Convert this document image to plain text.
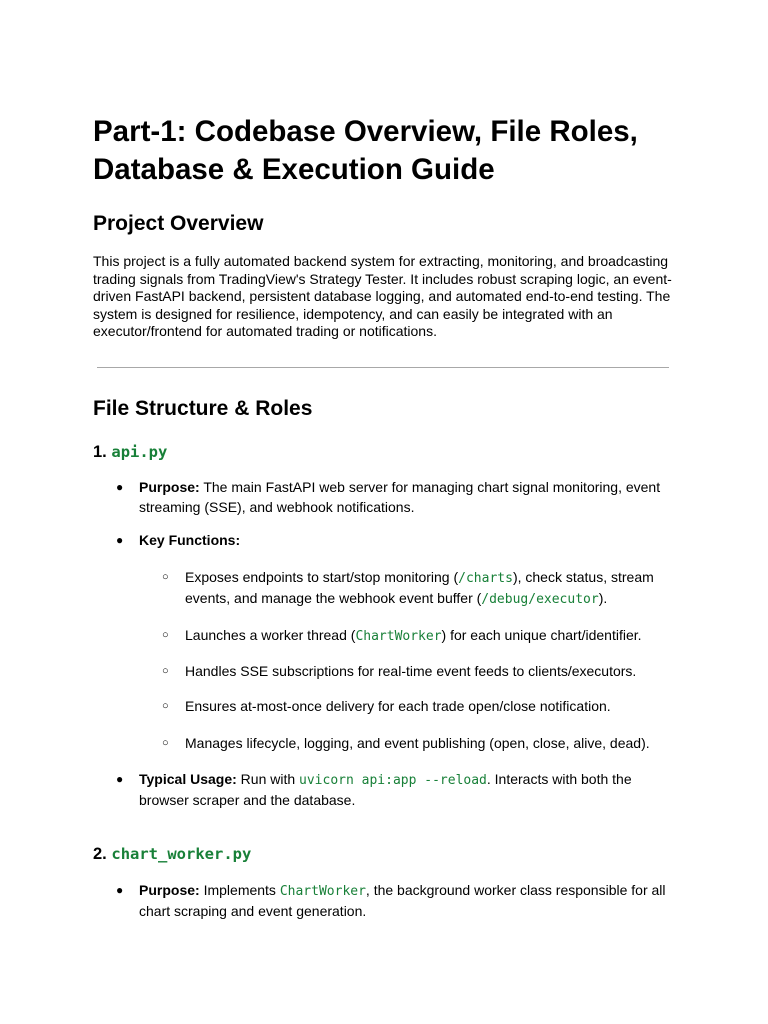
Part-1: Codebase Overview, File Roles, Database & Execution Guide
Project Overview

This project is a fully automated backend system for extracting, monitoring, and broadcasting trading signals from TradingView's Strategy Tester. It includes robust scraping logic, an event-driven FastAPI backend, persistent database logging, and automated end-to-end testing. The system is designed for resilience, idempotency, and can easily be integrated with an executor/frontend for automated trading or notifications.

File Structure & Roles
1. api.py
● Purpose: The main FastAPI web server for managing chart signal monitoring, event streaming (SSE), and webhook notifications.
● Key Functions:
○ Exposes endpoints to start/stop monitoring (/charts), check status, stream events, and manage the webhook event buffer (/debug/executor).
○ Launches a worker thread (ChartWorker) for each unique chart/identifier.
○ Handles SSE subscriptions for real-time event feeds to clients/executors.
○ Ensures at-most-once delivery for each trade open/close notification.
○ Manages lifecycle, logging, and event publishing (open, close, alive, dead).
● Typical Usage: Run with uvicorn api:app --reload. Interacts with both the browser scraper and the database.
2. chart_worker.py
● Purpose: Implements ChartWorker, the background worker class responsible for all chart scraping and event generation.
